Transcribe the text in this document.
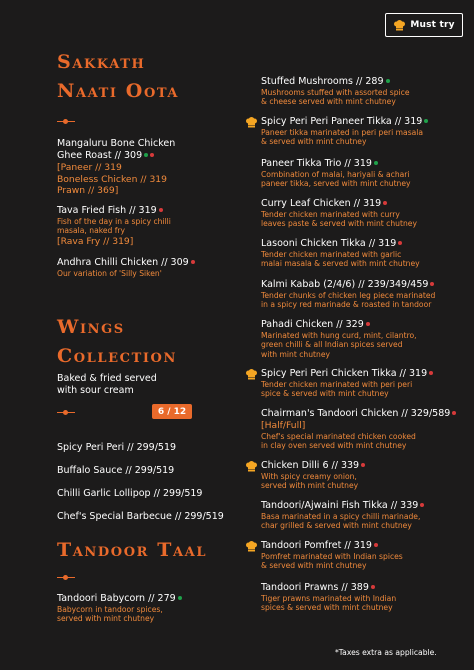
Must try
Sakkath
Naati Oota
Mangaluru Bone Chicken
Ghee Roast // 309
[Paneer // 319
Boneless Chicken // 319
Prawn // 369]
Tava Fried Fish // 319
Fish of the day in a spicy chilli
masala, naked fry
[Rava Fry // 319]
Andhra Chilli Chicken // 309
Our variation of 'Silly Siken'
Wings
Collection
Baked & fried served
with sour cream
6 / 12
Spicy Peri Peri // 299/519
Buffalo Sauce // 299/519
Chilli Garlic Lollipop // 299/519
Chef's Special Barbecue // 299/519
Tandoor Taal
Tandoori Babycorn // 279
Babycorn in tandoor spices,
served with mint chutney
Stuffed Mushrooms // 289
Mushrooms stuffed with assorted spice
& cheese served with mint chutney
Spicy Peri Peri Paneer Tikka // 319
Paneer tikka marinated in peri peri masala
& served with mint chutney
Paneer Tikka Trio // 319
Combination of malai, hariyali & achari
paneer tikka, served with mint chutney
Curry Leaf Chicken // 319
Tender chicken marinated with curry
leaves paste & served with mint chutney
Lasooni Chicken Tikka // 319
Tender chicken marinated with garlic
malai masala & served with mint chutney
Kalmi Kabab (2/4/6) // 239/349/459
Tender chunks of chicken leg piece marinated
in a spicy red marinade & roasted in tandoor
Pahadi Chicken // 329
Marinated with hung curd, mint, cilantro,
green chilli & all Indian spices served
with mint chutney
Spicy Peri Peri Chicken Tikka // 319
Tender chicken marinated with peri peri
spice & served with mint chutney
Chairman's Tandoori Chicken // 329/589
[Half/Full]
Chef's special marinated chicken cooked
in clay oven served with mint chutney
Chicken Dilli 6 // 339
With spicy creamy onion,
served with mint chutney
Tandoori/Ajwaini Fish Tikka // 339
Basa marinated in a spicy chilli marinade,
char grilled & served with mint chutney
Tandoori Pomfret // 319
Pomfret marinated with Indian spices
& served with mint chutney
Tandoori Prawns // 389
Tiger prawns marinated with Indian
spices & served with mint chutney
*Taxes extra as applicable.
